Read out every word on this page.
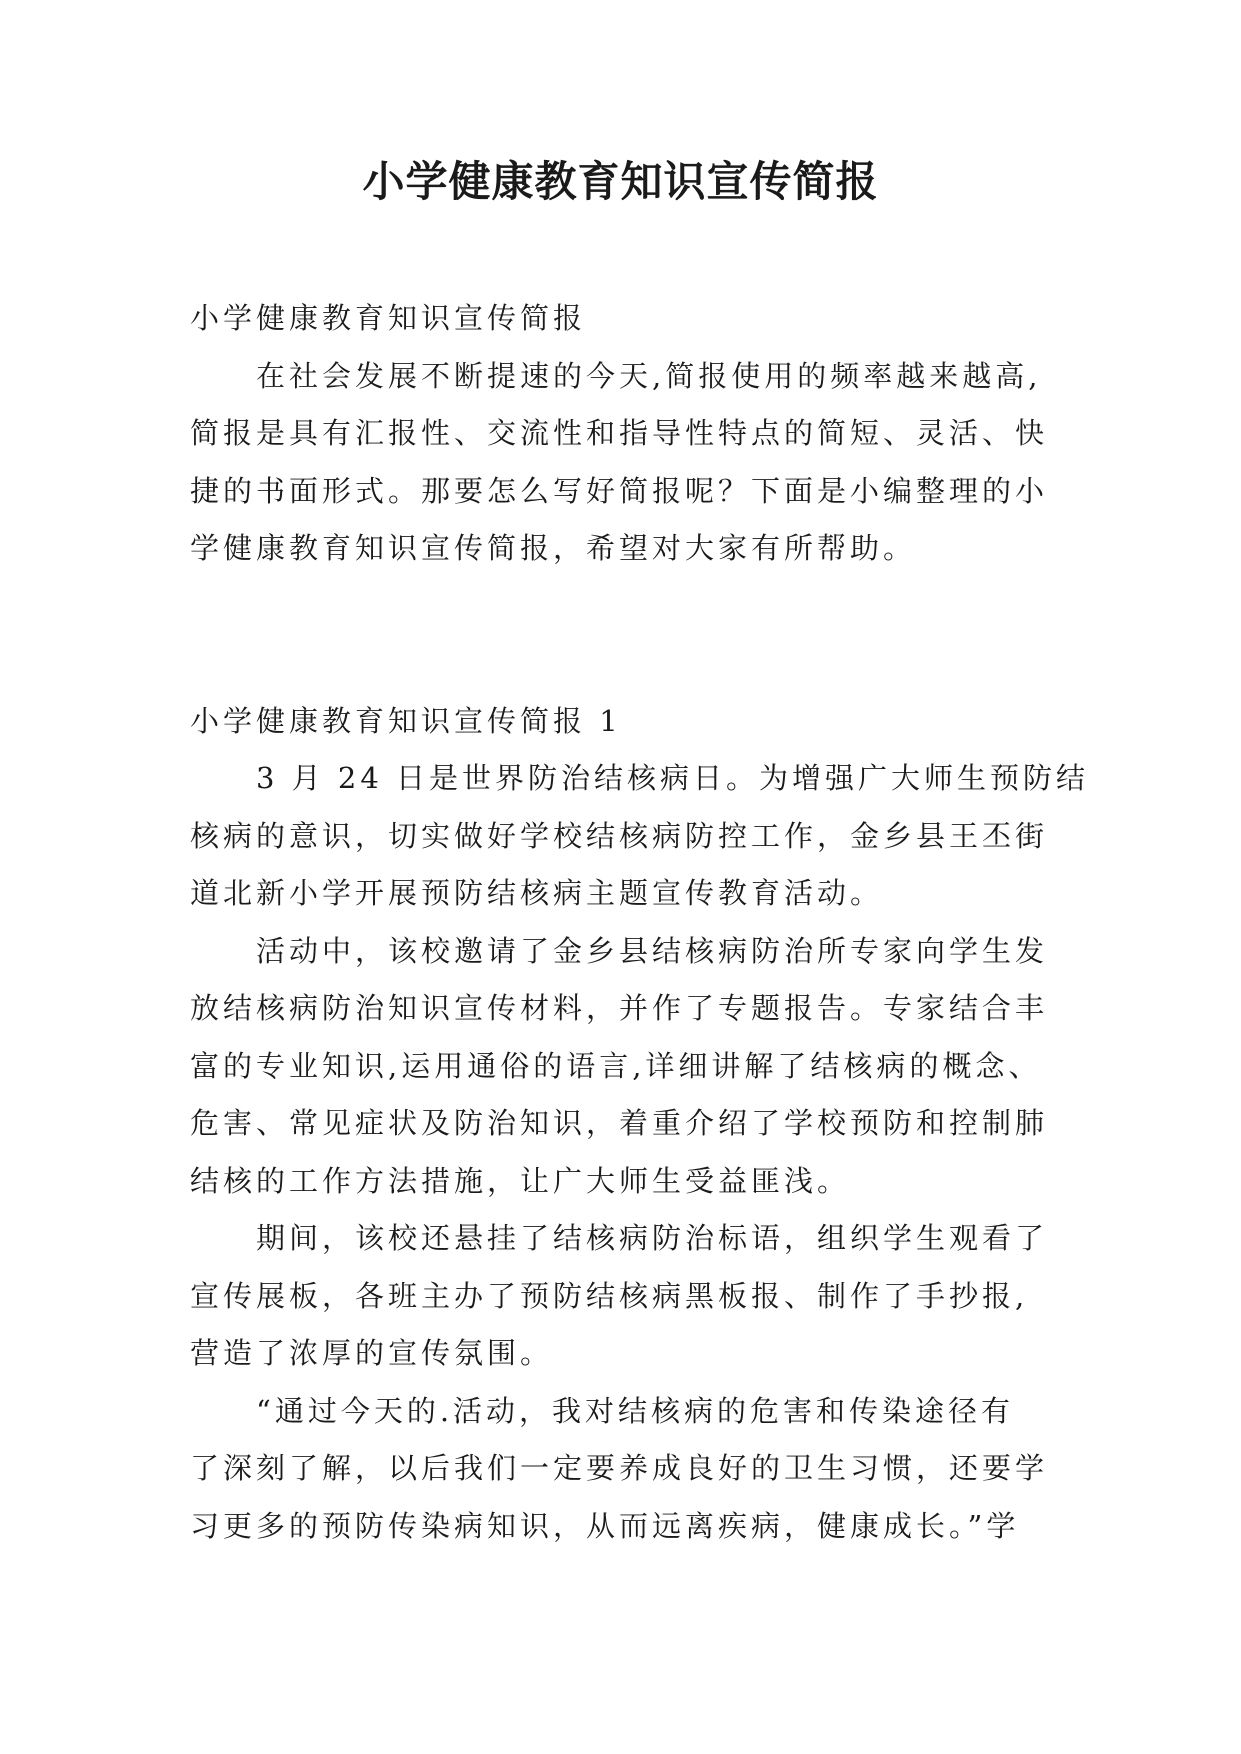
小学健康教育知识宣传简报

小学健康教育知识宣传简报

在社会发展不断提速的今天,简报使用的频率越来越高,

简报是具有汇报性、交流性和指导性特点的简短、灵活、快

捷的书面形式。那要怎么写好简报呢？下面是小编整理的小

学健康教育知识宣传简报，希望对大家有所帮助。

小学健康教育知识宣传简报 1

3 月 24 日是世界防治结核病日。为增强广大师生预防结

核病的意识，切实做好学校结核病防控工作，金乡县王丕街

道北新小学开展预防结核病主题宣传教育活动。

活动中，该校邀请了金乡县结核病防治所专家向学生发

放结核病防治知识宣传材料，并作了专题报告。专家结合丰

富的专业知识,运用通俗的语言,详细讲解了结核病的概念、

危害、常见症状及防治知识，着重介绍了学校预防和控制肺

结核的工作方法措施，让广大师生受益匪浅。

期间，该校还悬挂了结核病防治标语，组织学生观看了

宣传展板，各班主办了预防结核病黑板报、制作了手抄报,

营造了浓厚的宣传氛围。

“通过今天的.活动，我对结核病的危害和传染途径有

了深刻了解，以后我们一定要养成良好的卫生习惯，还要学

习更多的预防传染病知识，从而远离疾病，健康成长。”学
